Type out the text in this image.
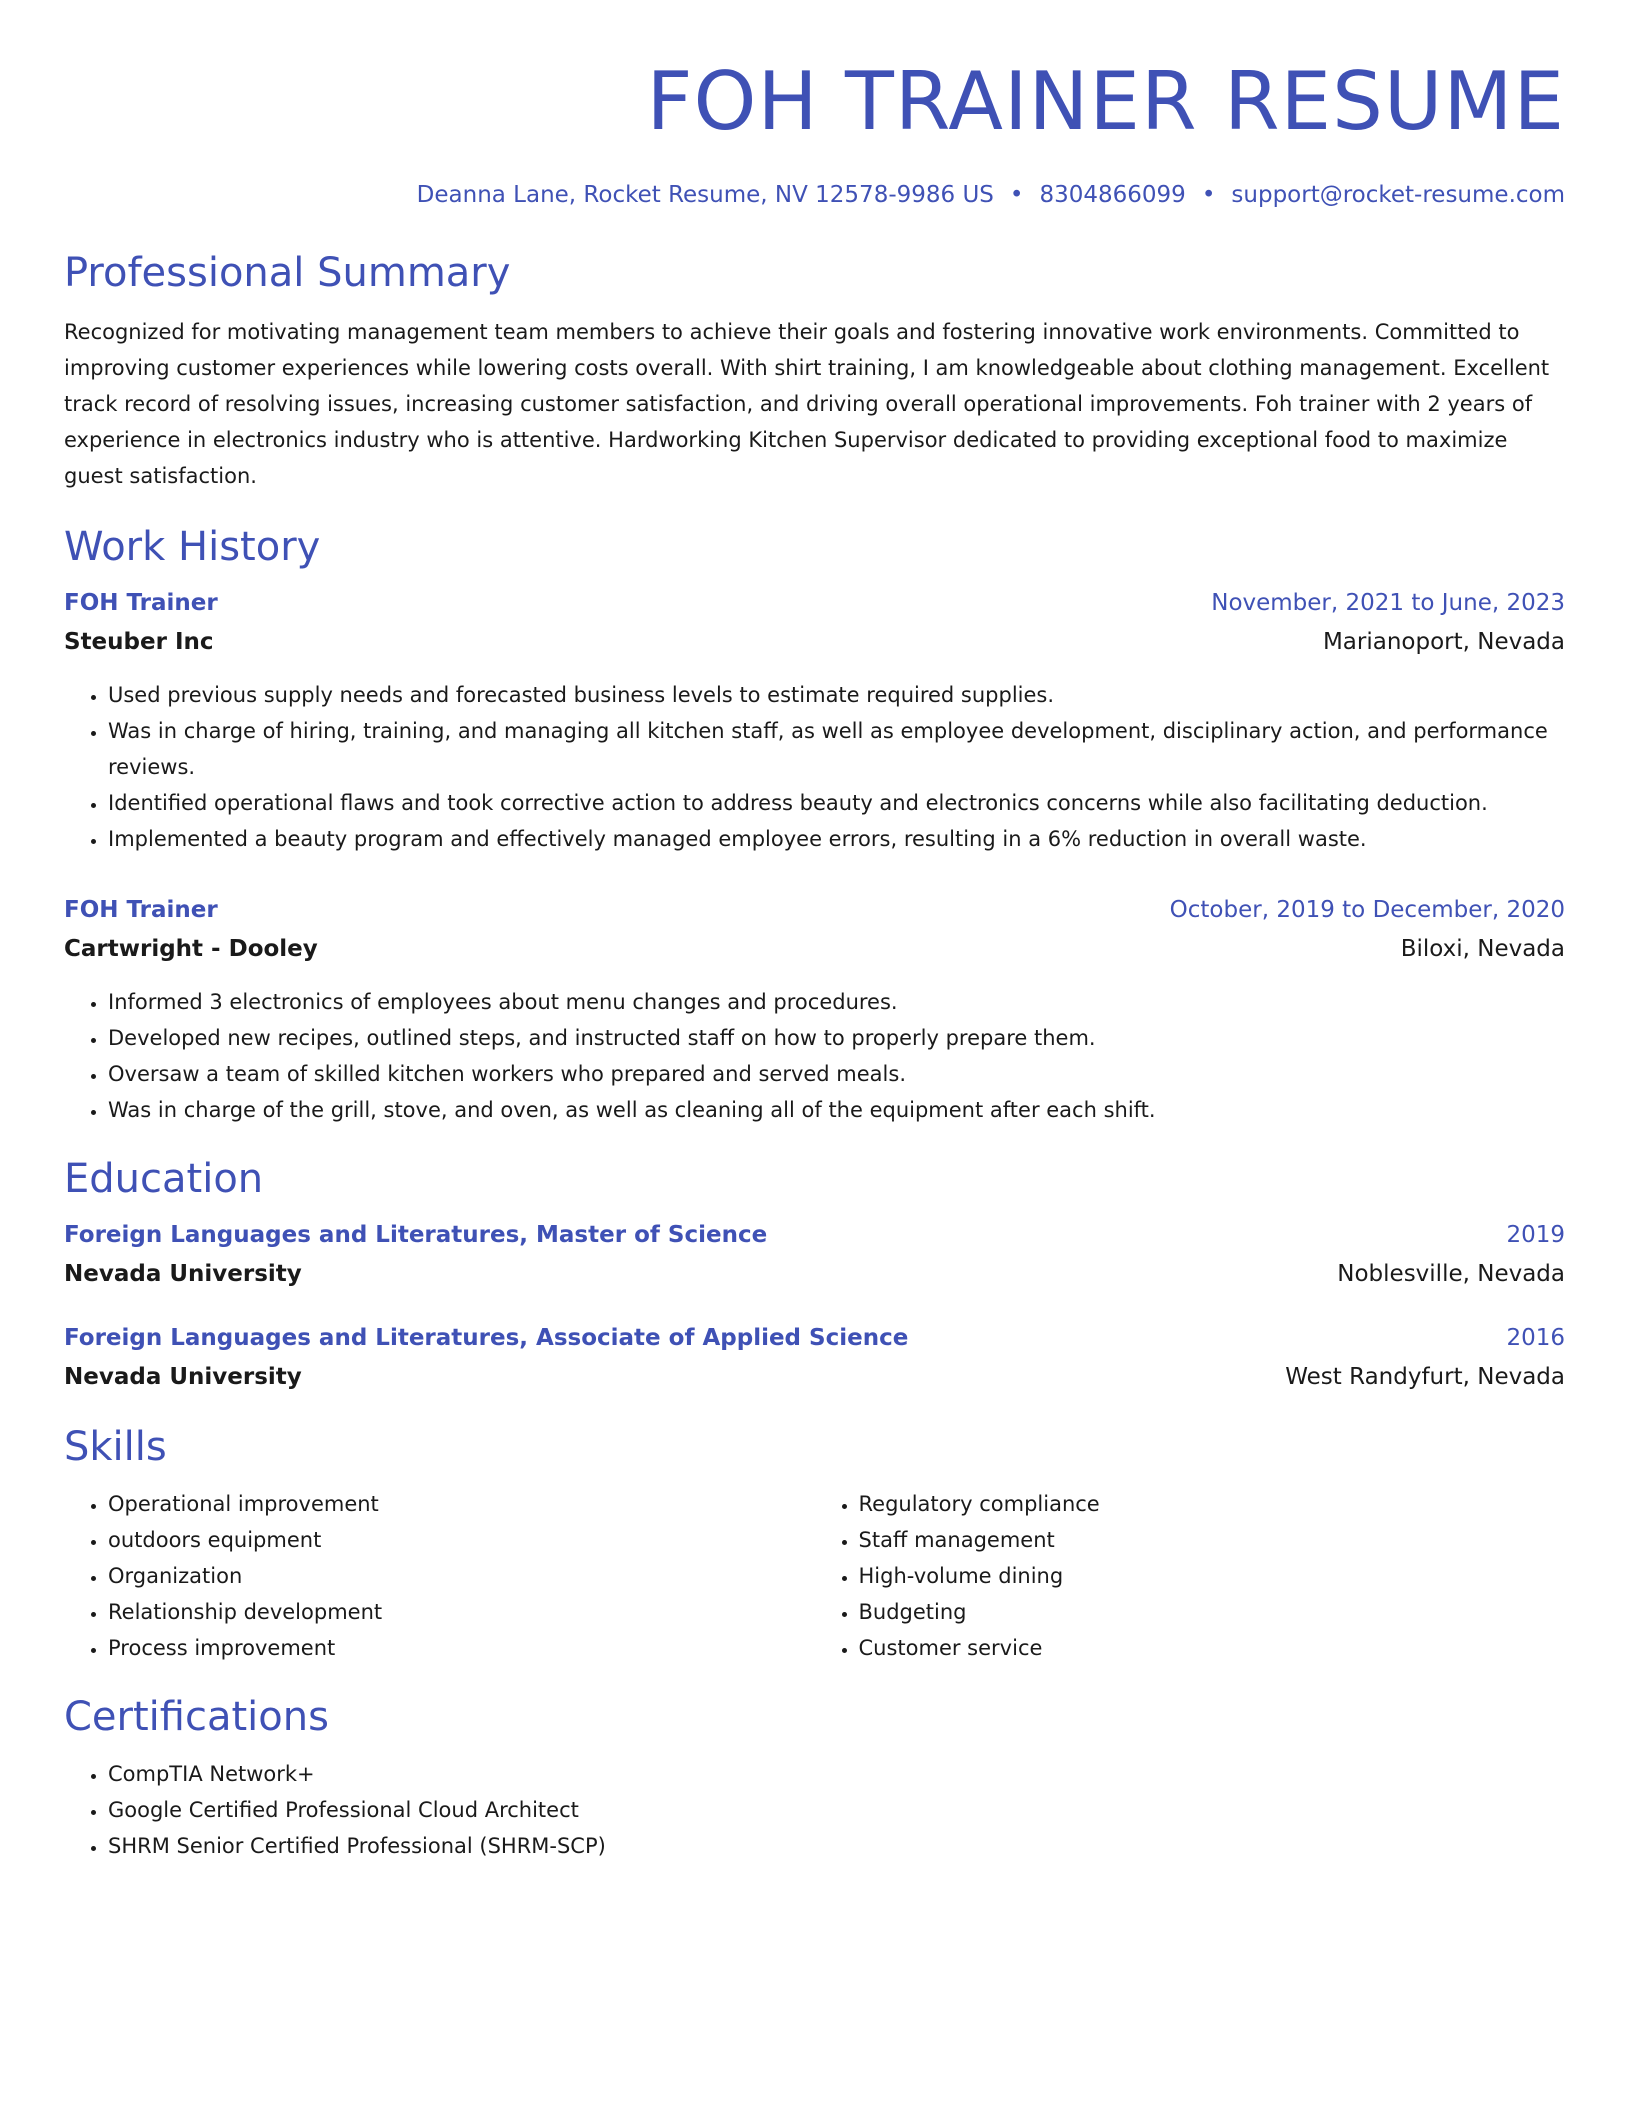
FOH TRAINER RESUME
Deanna Lane, Rocket Resume, NV 12578-9986 US • 8304866099 • support@rocket-resume.com
Professional Summary

Recognized for motivating management team members to achieve their goals and fostering innovative work environments. Committed to improving customer experiences while lowering costs overall. With shirt training, I am knowledgeable about clothing management. Excellent track record of resolving issues, increasing customer satisfaction, and driving overall operational improvements. Foh trainer with 2 years of experience in electronics industry who is attentive. Hardworking Kitchen Supervisor dedicated to providing exceptional food to maximize guest satisfaction.

Work History
FOH Trainer	November, 2021 to June, 2023
Steuber Inc	Marianoport, Nevada
• Used previous supply needs and forecasted business levels to estimate required supplies.
• Was in charge of hiring, training, and managing all kitchen staff, as well as employee development, disciplinary action, and performance reviews.
• Identified operational flaws and took corrective action to address beauty and electronics concerns while also facilitating deduction.
• Implemented a beauty program and effectively managed employee errors, resulting in a 6% reduction in overall waste.
FOH Trainer	October, 2019 to December, 2020
Cartwright - Dooley	Biloxi, Nevada
• Informed 3 electronics of employees about menu changes and procedures.
• Developed new recipes, outlined steps, and instructed staff on how to properly prepare them.
• Oversaw a team of skilled kitchen workers who prepared and served meals.
• Was in charge of the grill, stove, and oven, as well as cleaning all of the equipment after each shift.
Education
Foreign Languages and Literatures, Master of Science	2019
Nevada University	Noblesville, Nevada
Foreign Languages and Literatures, Associate of Applied Science	2016
Nevada University	West Randyfurt, Nevada
Skills
• Operational improvement
• outdoors equipment
• Organization
• Relationship development
• Process improvement
• Regulatory compliance
• Staff management
• High-volume dining
• Budgeting
• Customer service
Certifications
• CompTIA Network+
• Google Certified Professional Cloud Architect
• SHRM Senior Certified Professional (SHRM-SCP)
